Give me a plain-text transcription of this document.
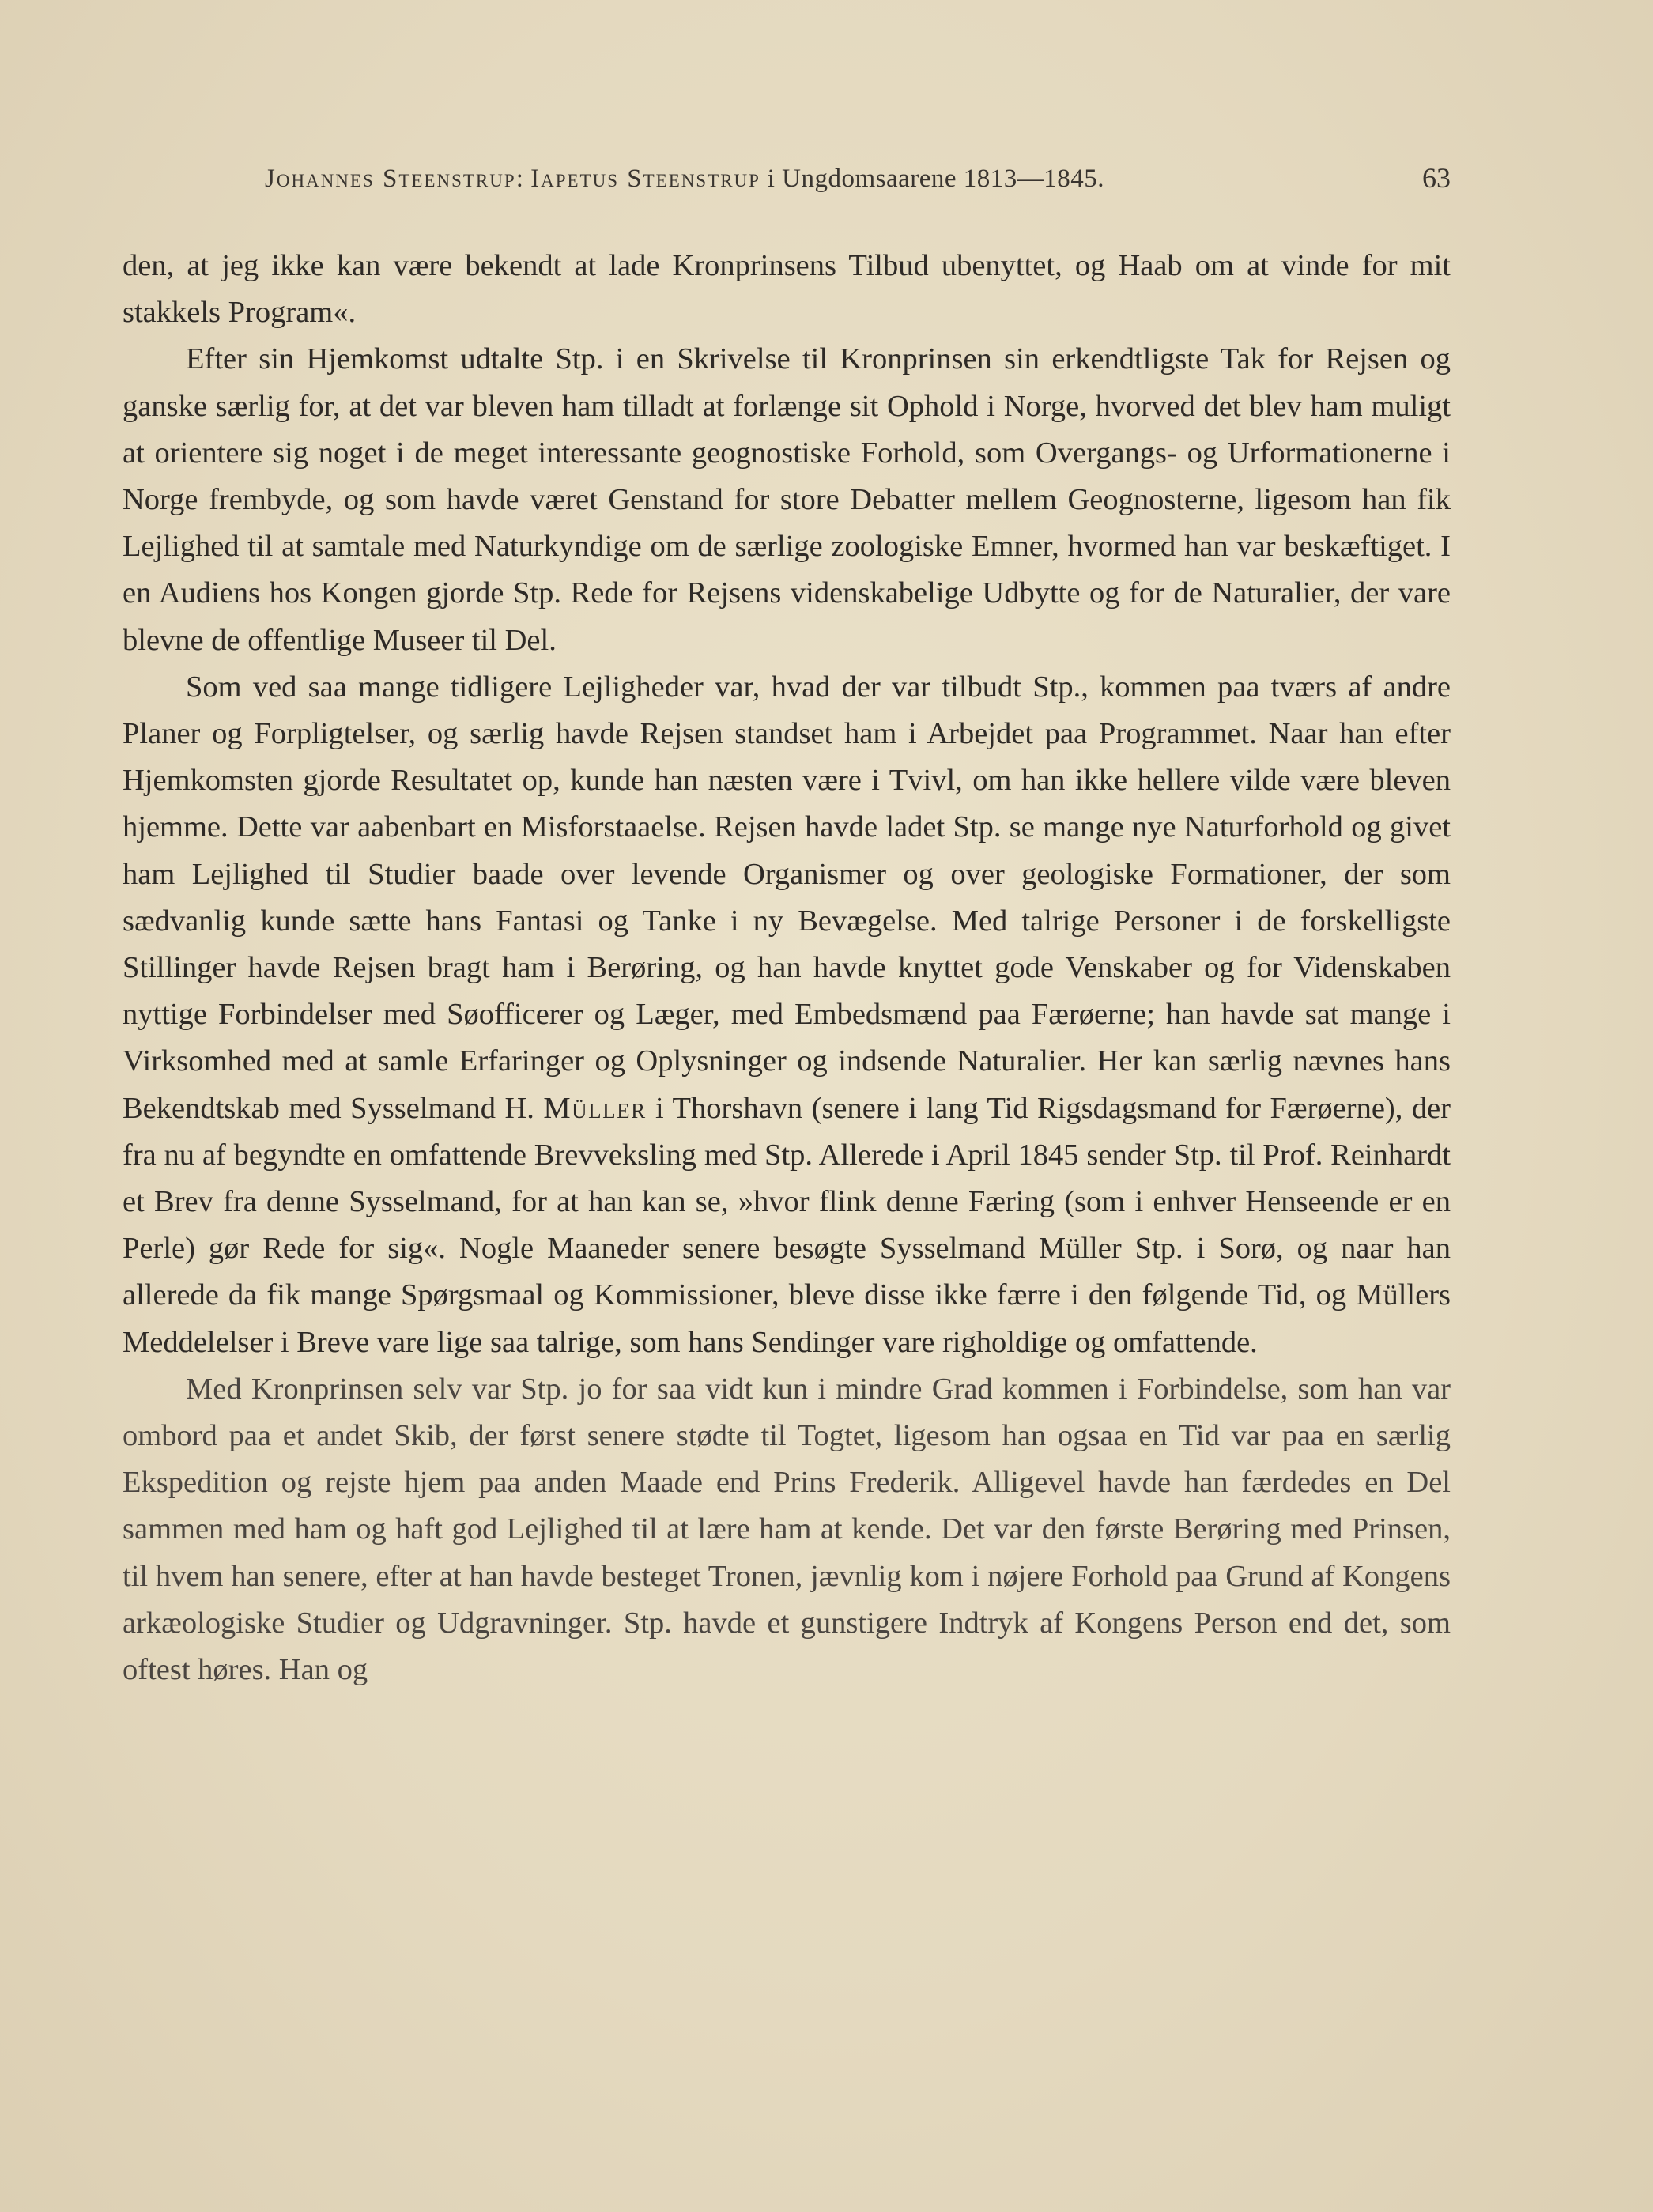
Johannes Steenstrup: Iapetus Steenstrup i Ungdomsaarene 1813—1845.	63

den, at jeg ikke kan være bekendt at lade Kronprinsens Tilbud ubenyttet, og Haab om at vinde for mit stakkels Program«.

Efter sin Hjemkomst udtalte Stp. i en Skrivelse til Kronprinsen sin erkendtligste Tak for Rejsen og ganske særlig for, at det var bleven ham tilladt at forlænge sit Ophold i Norge, hvorved det blev ham muligt at orientere sig noget i de meget interessante geognostiske Forhold, som Overgangs- og Urformationerne i Norge frembyde, og som havde været Genstand for store Debatter mellem Geognosterne, ligesom han fik Lejlighed til at samtale med Naturkyndige om de særlige zoologiske Emner, hvormed han var beskæftiget. I en Audiens hos Kongen gjorde Stp. Rede for Rejsens videnskabelige Udbytte og for de Naturalier, der vare blevne de offentlige Museer til Del.

Som ved saa mange tidligere Lejligheder var, hvad der var tilbudt Stp., kommen paa tværs af andre Planer og Forpligtelser, og særlig havde Rejsen standset ham i Arbejdet paa Programmet. Naar han efter Hjemkomsten gjorde Resultatet op, kunde han næsten være i Tvivl, om han ikke hellere vilde være bleven hjemme. Dette var aabenbart en Misforstaaelse. Rejsen havde ladet Stp. se mange nye Naturforhold og givet ham Lejlighed til Studier baade over levende Organismer og over geologiske Formationer, der som sædvanlig kunde sætte hans Fantasi og Tanke i ny Bevægelse. Med talrige Personer i de forskelligste Stillinger havde Rejsen bragt ham i Berøring, og han havde knyttet gode Venskaber og for Videnskaben nyttige Forbindelser med Søofficerer og Læger, med Embedsmænd paa Færøerne; han havde sat mange i Virksomhed med at samle Erfaringer og Oplysninger og indsende Naturalier. Her kan særlig nævnes hans Bekendtskab med Sysselmand H. Müller i Thorshavn (senere i lang Tid Rigsdagsmand for Færøerne), der fra nu af begyndte en omfattende Brevveksling med Stp. Allerede i April 1845 sender Stp. til Prof. Reinhardt et Brev fra denne Sysselmand, for at han kan se, »hvor flink denne Færing (som i enhver Henseende er en Perle) gør Rede for sig«. Nogle Maaneder senere besøgte Sysselmand Müller Stp. i Sorø, og naar han allerede da fik mange Spørgsmaal og Kommissioner, bleve disse ikke færre i den følgende Tid, og Müllers Meddelelser i Breve vare lige saa talrige, som hans Sendinger vare righoldige og omfattende.

Med Kronprinsen selv var Stp. jo for saa vidt kun i mindre Grad kommen i Forbindelse, som han var ombord paa et andet Skib, der først senere stødte til Togtet, ligesom han ogsaa en Tid var paa en særlig Ekspedition og rejste hjem paa anden Maade end Prins Frederik. Alligevel havde han færdedes en Del sammen med ham og haft god Lejlighed til at lære ham at kende. Det var den første Berøring med Prinsen, til hvem han senere, efter at han havde besteget Tronen, jævnlig kom i nøjere Forhold paa Grund af Kongens arkæologiske Studier og Udgravninger. Stp. havde et gunstigere Indtryk af Kongens Person end det, som oftest høres. Han og
